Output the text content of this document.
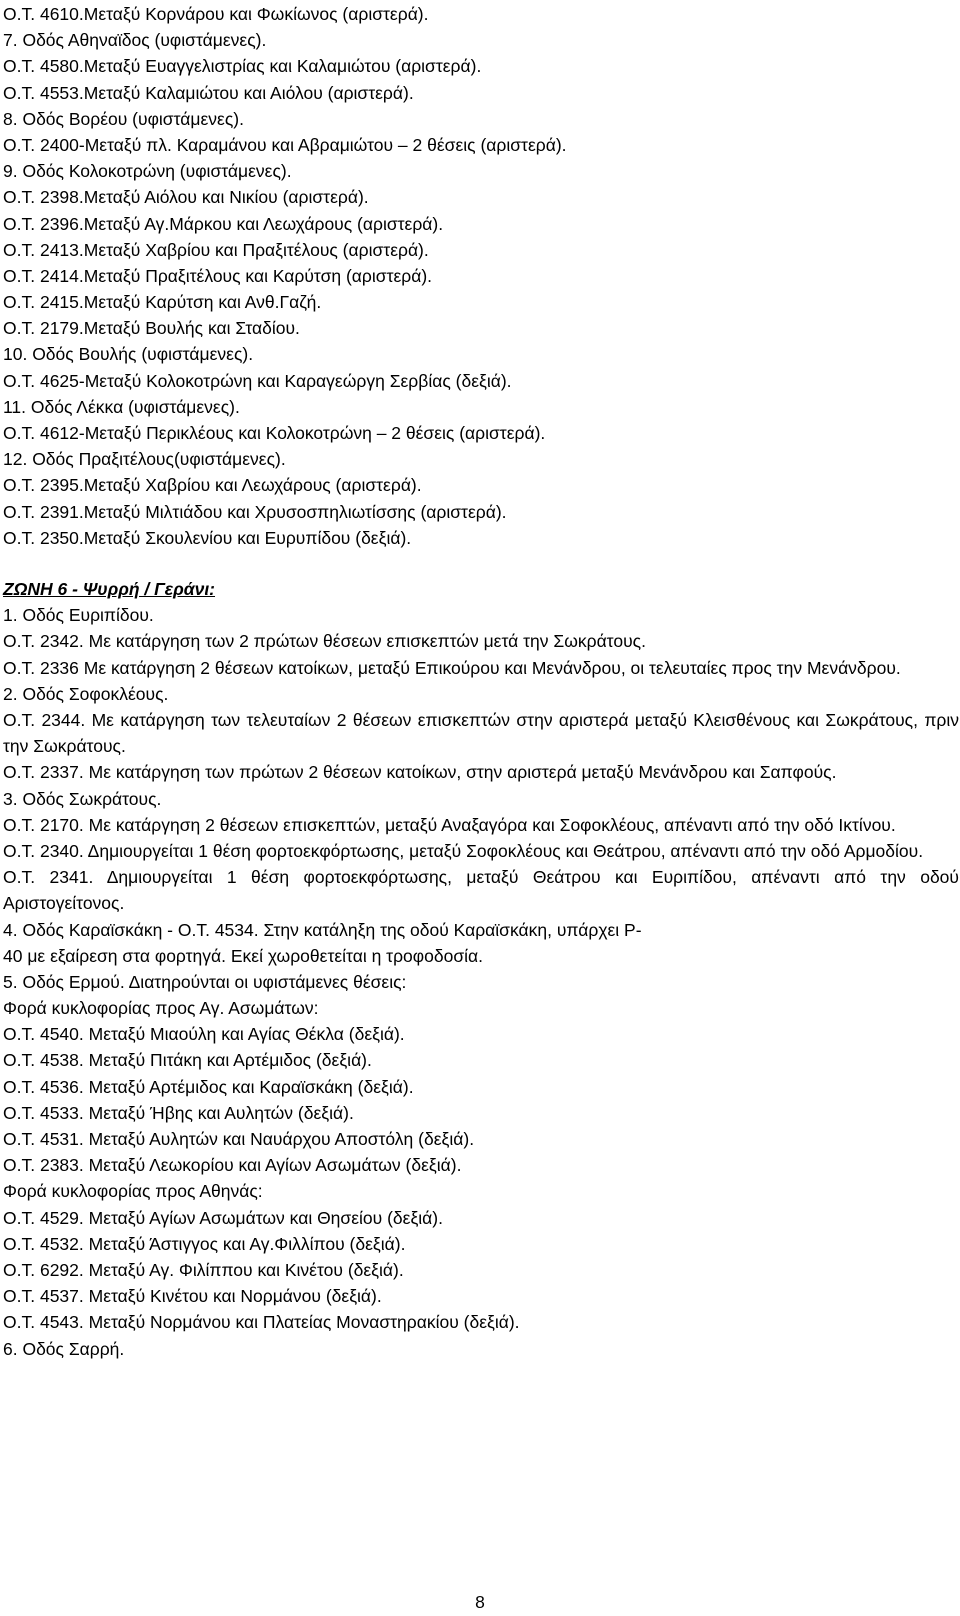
Ο.Τ. 4610.Μεταξύ Κορνάρου και Φωκίωνος (αριστερά).
7. Οδός Αθηναϊδος (υφιστάμενες).
Ο.Τ. 4580.Μεταξύ Ευαγγελιστρίας και Καλαμιώτου (αριστερά).
Ο.Τ. 4553.Μεταξύ Καλαμιώτου και Αιόλου (αριστερά).
8. Οδός Βορέου (υφιστάμενες).
Ο.Τ. 2400-Μεταξύ πλ. Καραμάνου και Αβραμιώτου – 2 θέσεις (αριστερά).
9. Οδός Κολοκοτρώνη (υφιστάμενες).
Ο.Τ. 2398.Μεταξύ Αιόλου και Νικίου (αριστερά).
Ο.Τ. 2396.Μεταξύ Αγ.Μάρκου και Λεωχάρους (αριστερά).
Ο.Τ. 2413.Μεταξύ Χαβρίου και Πραξιτέλους (αριστερά).
Ο.Τ. 2414.Μεταξύ Πραξιτέλους και Καρύτση (αριστερά).
Ο.Τ. 2415.Μεταξύ Καρύτση και Ανθ.Γαζή.
Ο.Τ. 2179.Μεταξύ Βουλής και Σταδίου.
10. Οδός Βουλής (υφιστάμενες).
Ο.Τ. 4625-Μεταξύ Κολοκοτρώνη και Καραγεώργη Σερβίας (δεξιά).
11. Οδός Λέκκα (υφιστάμενες).
Ο.Τ. 4612-Μεταξύ Περικλέους και Κολοκοτρώνη – 2 θέσεις (αριστερά).
12. Οδός Πραξιτέλους(υφιστάμενες).
Ο.Τ. 2395.Μεταξύ Χαβρίου και Λεωχάρους (αριστερά).
Ο.Τ. 2391.Μεταξύ Μιλτιάδου και Χρυσοσπηλιωτίσσης (αριστερά).
Ο.Τ. 2350.Μεταξύ Σκουλενίου και Ευρυπίδου (δεξιά).
ΖΩΝΗ 6 - Ψυρρή / Γεράνι:
1. Οδός Ευριπίδου.
Ο.Τ. 2342. Με κατάργηση των 2 πρώτων θέσεων επισκεπτών μετά την Σωκράτους.
Ο.Τ. 2336 Με κατάργηση 2 θέσεων κατοίκων, μεταξύ Επικούρου και Μενάνδρου, οι τελευταίες προς την Μενάνδρου.
2. Οδός Σοφοκλέους.
Ο.Τ. 2344. Με κατάργηση των τελευταίων 2 θέσεων επισκεπτών στην αριστερά μεταξύ Κλεισθένους και Σωκράτους, πριν την Σωκράτους.
Ο.Τ. 2337. Με κατάργηση των πρώτων 2 θέσεων κατοίκων, στην αριστερά μεταξύ Μενάνδρου και Σαπφούς.
3. Οδός Σωκράτους.
Ο.Τ. 2170. Με κατάργηση 2 θέσεων επισκεπτών, μεταξύ Αναξαγόρα και Σοφοκλέους, απέναντι από την οδό Ικτίνου.
Ο.Τ. 2340. Δημιουργείται 1 θέση φορτοεκφόρτωσης, μεταξύ Σοφοκλέους και Θεάτρου, απέναντι από την οδό Αρμοδίου.
Ο.Τ. 2341. Δημιουργείται 1 θέση φορτοεκφόρτωσης, μεταξύ Θεάτρου και Ευριπίδου, απέναντι από την οδού Αριστογείτονος.
4. Οδός Καραϊσκάκη - Ο.Τ. 4534. Στην κατάληξη της οδού Καραϊσκάκη, υπάρχει Ρ-
40 με εξαίρεση στα φορτηγά. Εκεί χωροθετείται η τροφοδοσία.
5. Οδός Ερμού. Διατηρούνται οι υφιστάμενες θέσεις:
Φορά κυκλοφορίας προς Αγ. Ασωμάτων:
Ο.Τ. 4540. Μεταξύ Μιαούλη και Αγίας Θέκλα (δεξιά).
Ο.Τ. 4538. Μεταξύ Πιτάκη και Αρτέμιδος (δεξιά).
Ο.Τ. 4536. Μεταξύ Αρτέμιδος και Καραϊσκάκη (δεξιά).
Ο.Τ. 4533. Μεταξύ Ήβης και Αυλητών (δεξιά).
Ο.Τ. 4531. Μεταξύ Αυλητών και Ναυάρχου Αποστόλη (δεξιά).
Ο.Τ. 2383. Μεταξύ Λεωκορίου και Αγίων Ασωμάτων (δεξιά).
Φορά κυκλοφορίας προς Αθηνάς:
Ο.Τ. 4529. Μεταξύ Αγίων Ασωμάτων και Θησείου (δεξιά).
Ο.Τ. 4532. Μεταξύ Άστιγγος και Αγ.Φιλλίπου (δεξιά).
Ο.Τ. 6292. Μεταξύ Αγ. Φιλίππου και Κινέτου (δεξιά).
Ο.Τ. 4537. Μεταξύ Κινέτου και Νορμάνου (δεξιά).
Ο.Τ. 4543. Μεταξύ Νορμάνου και Πλατείας Μοναστηρακίου (δεξιά).
6. Οδός Σαρρή.
8
